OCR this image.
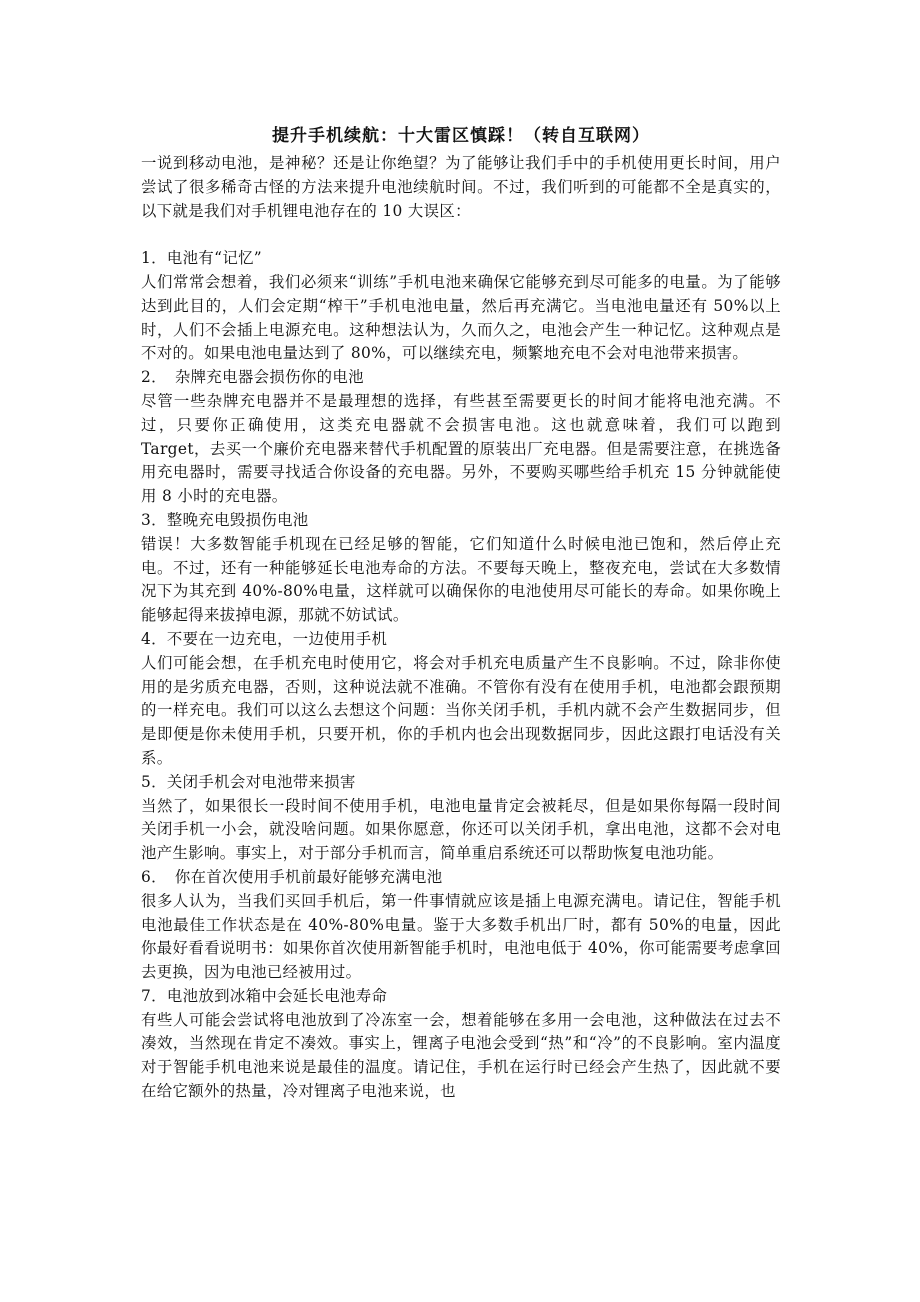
提升手机续航：十大雷区慎踩！（转自互联网）

一说到移动电池，是神秘？还是让你绝望？为了能够让我们手中的手机使用更长时间，用户尝试了很多稀奇古怪的方法来提升电池续航时间。不过，我们听到的可能都不全是真实的，以下就是我们对手机锂电池存在的 10 大误区：

1．电池有“记忆”

人们常常会想着，我们必须来“训练”手机电池来确保它能够充到尽可能多的电量。为了能够达到此目的，人们会定期“榨干”手机电池电量，然后再充满它。当电池电量还有 50%以上时，人们不会插上电源充电。这种想法认为，久而久之，电池会产生一种记忆。这种观点是不对的。如果电池电量达到了 80%，可以继续充电，频繁地充电不会对电池带来损害。

2．　杂牌充电器会损伤你的电池

尽管一些杂牌充电器并不是最理想的选择，有些甚至需要更长的时间才能将电池充满。不过，只要你正确使用，这类充电器就不会损害电池。这也就意味着，我们可以跑到 Target，去买一个廉价充电器来替代手机配置的原装出厂充电器。但是需要注意，在挑选备用充电器时，需要寻找适合你设备的充电器。另外，不要购买哪些给手机充 15 分钟就能使用 8 小时的充电器。

3．整晚充电毁损伤电池

错误！大多数智能手机现在已经足够的智能，它们知道什么时候电池已饱和，然后停止充电。不过，还有一种能够延长电池寿命的方法。不要每天晚上，整夜充电，尝试在大多数情况下为其充到 40%-80%电量，这样就可以确保你的电池使用尽可能长的寿命。如果你晚上能够起得来拔掉电源，那就不妨试试。

4．不要在一边充电，一边使用手机

人们可能会想，在手机充电时使用它，将会对手机充电质量产生不良影响。不过，除非你使用的是劣质充电器，否则，这种说法就不准确。不管你有没有在使用手机，电池都会跟预期的一样充电。我们可以这么去想这个问题：当你关闭手机，手机内就不会产生数据同步，但是即便是你未使用手机，只要开机，你的手机内也会出现数据同步，因此这跟打电话没有关系。

5．关闭手机会对电池带来损害

当然了，如果很长一段时间不使用手机，电池电量肯定会被耗尽，但是如果你每隔一段时间关闭手机一小会，就没啥问题。如果你愿意，你还可以关闭手机，拿出电池，这都不会对电池产生影响。事实上，对于部分手机而言，简单重启系统还可以帮助恢复电池功能。

6．　你在首次使用手机前最好能够充满电池

很多人认为，当我们买回手机后，第一件事情就应该是插上电源充满电。请记住，智能手机电池最佳工作状态是在 40%-80%电量。鉴于大多数手机出厂时，都有 50%的电量，因此你最好看看说明书：如果你首次使用新智能手机时，电池电低于 40%，你可能需要考虑拿回去更换，因为电池已经被用过。

7．电池放到冰箱中会延长电池寿命

有些人可能会尝试将电池放到了冷冻室一会，想着能够在多用一会电池，这种做法在过去不凑效，当然现在肯定不凑效。事实上，锂离子电池会受到“热”和“冷”的不良影响。室内温度对于智能手机电池来说是最佳的温度。请记住，手机在运行时已经会产生热了，因此就不要在给它额外的热量，冷对锂离子电池来说，也
